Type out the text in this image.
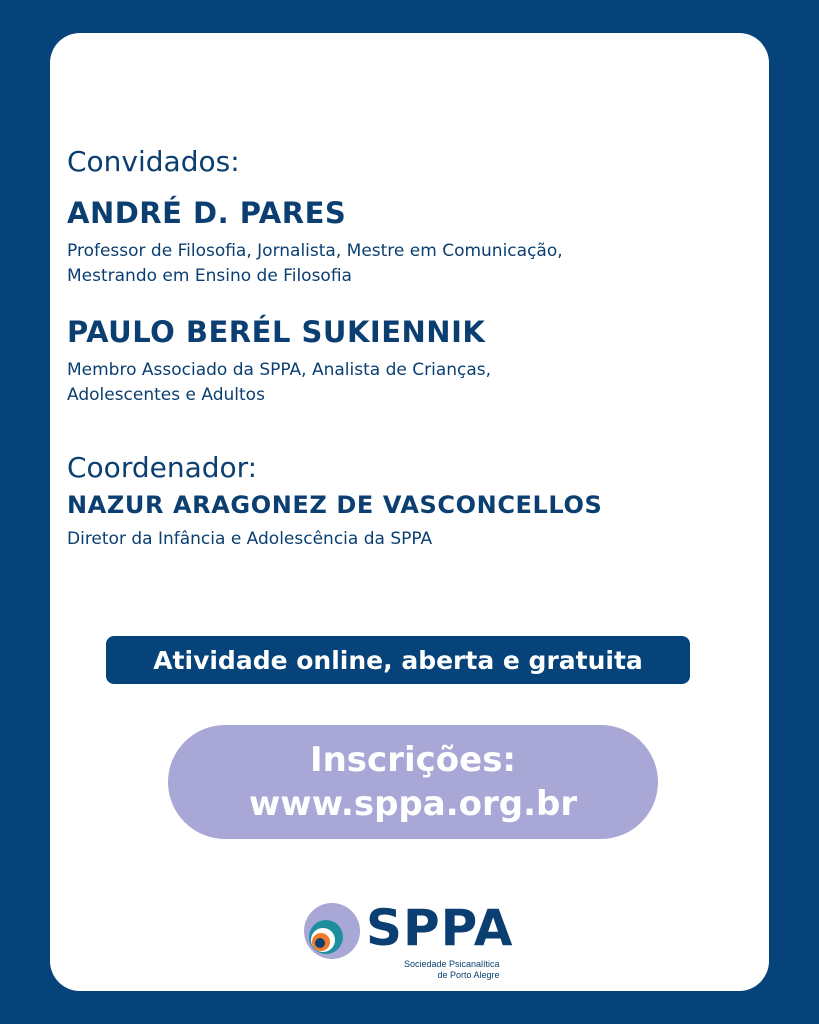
Convidados:
ANDRÉ D. PARES
Professor de Filosofia, Jornalista, Mestre em Comunicação,
Mestrando em Ensino de Filosofia
PAULO BERÉL SUKIENNIK
Membro Associado da SPPA, Analista de Crianças,
Adolescentes e Adultos
Coordenador:
NAZUR ARAGONEZ DE VASCONCELLOS
Diretor da Infância e Adolescência da SPPA
Atividade online, aberta e gratuita
Inscrições:
www.sppa.org.br
SPPA
Sociedade Psicanalítica
de Porto Alegre
